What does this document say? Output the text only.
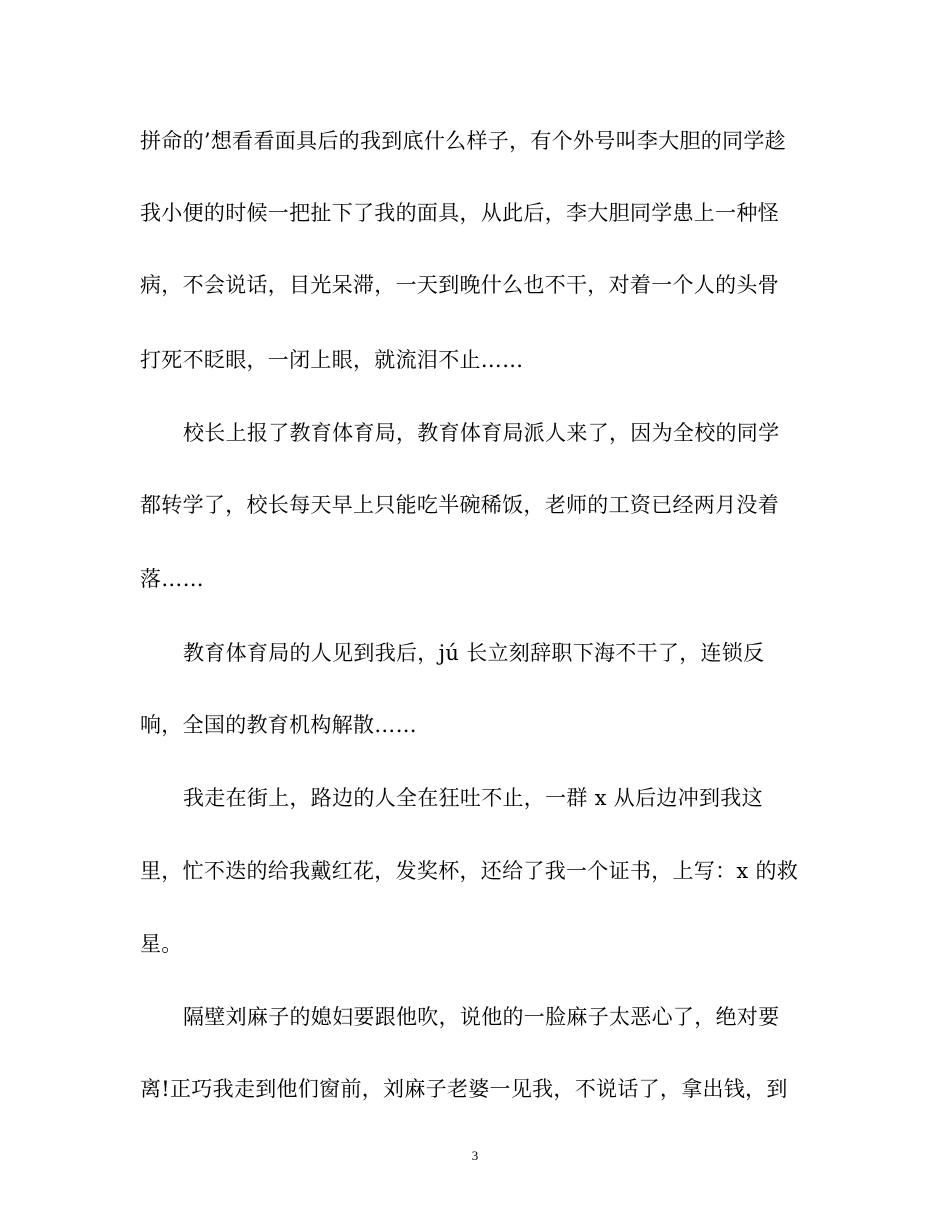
拼命的’想看看面具后的我到底什么样子，有个外号叫李大胆的同学趁
我小便的时候一把扯下了我的面具，从此后，李大胆同学患上一种怪
病，不会说话，目光呆滞，一天到晚什么也不干，对着一个人的头骨
打死不眨眼，一闭上眼，就流泪不止……
校长上报了教育体育局，教育体育局派人来了，因为全校的同学
都转学了，校长每天早上只能吃半碗稀饭，老师的工资已经两月没着
落……
教育体育局的人见到我后，jú 长立刻辞职下海不干了，连锁反
响，全国的教育机构解散……
我走在街上，路边的人全在狂吐不止，一群 x 从后边冲到我这
里，忙不迭的给我戴红花，发奖杯，还给了我一个证书，上写：x 的救
星。
隔壁刘麻子的媳妇要跟他吹，说他的一脸麻子太恶心了，绝对要
离!正巧我走到他们窗前，刘麻子老婆一见我，不说话了，拿出钱，到
3
